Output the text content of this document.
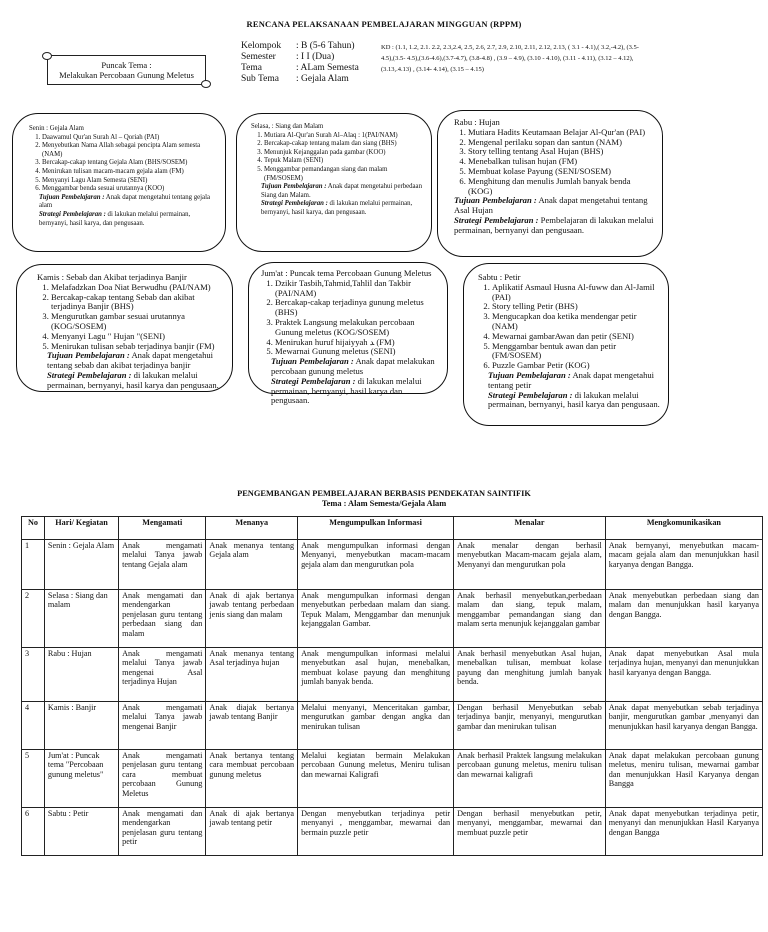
RENCANA PELAKSANAAN PEMBELAJARAN MINGGUAN (RPPM)
Kelompok	: B (5-6 Tahun)
Semester	: I I (Dua)
Tema	: ALam Semesta
Sub Tema	: Gejala Alam
KD : (1.1, 1.2, 2.1. 2.2, 2.3,2.4, 2.5, 2.6, 2.7, 2.9, 2.10, 2.11, 2.12, 2.13, ( 3.1 - 4.1),( 3.2,-4.2), (3.5-4.5),(3.5- 4.5),(3.6-4.6),(3.7-4.7), (3.8-4.8) , (3.9 – 4.9), (3.10 - 4.10), (3.11 - 4.11), (3.12 – 4.12), (3.13,.4.13) , (3.14- 4.14), (3.15 – 4.15)
Puncak Tema :
Melakukan Percobaan Gunung Meletus
Senin : Gejala Alam
1. Daawamul Qur'an Surah Al – Qoriah (PAI)
2. Menyebutkan Nama Allah sebagai pencipta Alam semesta (NAM)
3. Bercakap-cakap tentang Gejala Alam (BHS/SOSEM)
4. Menirukan tulisan macam-macam gejala alam (FM)
5. Menyanyi Lagu Alam Semesta (SENI)
6. Menggambar benda sesuai urutannya (KOO)
Tujuan Pembelajaran : Anak dapat mengetahui tentang gejala alam
Strategi Pembelajaran : di lakukan melalui permainan, bernyanyi, hasil karya, dan pengusaan.
Selasa, : Siang dan Malam
1. Mutiara Al-Qur'an Surah Al–Alaq : 1(PAI/NAM)
2. Bercakap-cakap tentang malam dan siang (BHS)
3. Menunjuk Kejanggalan pada gambar (KOO)
4. Tepuk Malam (SENI)
5. Menggambar pemandangan siang dan malam (FM/SOSEM)
Tujuan Pembelajaran : Anak dapat mengetahui perbedaan Siang dan Malam.
Strategi Pembelajaran : di lakukan melalui permainan, bernyanyi, hasil karya, dan pengusaan.
Rabu : Hujan
1. Mutiara Hadits Keutamaan Belajar Al-Qur'an (PAI)
2. Mengenal perilaku sopan dan santun (NAM)
3. Story telling tentang Asal Hujan (BHS)
4. Menebalkan tulisan hujan (FM)
5. Membuat kolase Payung (SENI/SOSEM)
6. Menghitung dan menulis Jumlah banyak benda (KOG)
Tujuan Pembelajaran : Anak dapat mengetahui tentang Asal Hujan
Strategi Pembelajaran : Pembelajaran di lakukan melalui permainan, bernyanyi dan pengusaan.
Kamis : Sebab dan Akibat terjadinya Banjir
1. Melafadzkan Doa Niat Berwudhu (PAI/NAM)
2. Bercakap-cakap tentang Sebab dan akibat terjadinya Banjir (BHS)
3. Mengurutkan gambar sesuai urutannya (KOG/SOSEM)
4. Menyanyi Lagu " Hujan "(SENI)
5. Menirukan tulisan sebab terjadinya banjir (FM)
Tujuan Pembelajaran : Anak dapat mengetahui tentang sebab dan akibat terjadinya banjir
Strategi Pembelajaran : di lakukan melalui permainan, bernyanyi, hasil karya dan pengusaan.
Jum'at : Puncak tema Percobaan Gunung Meletus
1. Dzikir Tasbih,Tahmid,Tahlil dan Takbir (PAI/NAM)
2. Bercakap-cakap terjadinya gunung meletus (BHS)
3. Praktek Langsung melakukan percobaan Gunung meletus (KOG/SOSEM)
4. Menirukan huruf hijaiyyah ﺪ (FM)
5. Mewarnai Gunung meletus (SENI)
Tujuan Pembelajaran : Anak dapat melakukan percobaan gunung meletus
Strategi Pembelajaran : di lakukan melalui permainan, bernyanyi, hasil karya dan pengusaan.
Sabtu : Petir
1. Aplikatif Asmaul Husna Al-fuww dan Al-Jamil (PAI)
2. Story telling Petir (BHS)
3. Mengucapkan doa ketika mendengar petir (NAM)
4. Mewarnai gambarAwan dan petir (SENI)
5. Menggambar bentuk awan dan petir (FM/SOSEM)
6. Puzzle Gambar Petir (KOG)
Tujuan Pembelajaran : Anak dapat mengetahui tentang petir
Strategi Pembelajaran : di lakukan melalui permainan, bernyanyi, hasil karya dan pengusaan.
PENGEMBANGAN PEMBELAJARAN BERBASIS PENDEKATAN SAINTIFIK
Tema : Alam Semesta/Gejala Alam
No	Hari/ Kegiatan	Mengamati	Menanya	Mengumpulkan Informasi	Menalar	Mengkomunikasikan
1	Senin : Gejala Alam	Anak mengamati melalui Tanya jawab tentang Gejala alam	Anak menanya tentang Gejala alam	Anak mengumpulkan informasi dengan Menyanyi, menyebutkan macam-macam gejala alam dan mengurutkan pola	Anak menalar dengan berhasil menyebutkan Macam-macam gejala alam, Menyanyi dan mengurutkan pola	Anak bernyanyi, menyebutkan macam-macam gejala alam dan menunjukkan hasil karyanya dengan Bangga.
2	Selasa : Siang dan malam	Anak mengamati dan mendengarkan penjelasan guru tentang perbedaan siang dan malam	Anak di ajak bertanya jawab tentang perbedaan jenis siang dan malam	Anak mengumpulkan informasi dengan menyebutkan perbedaan malam dan siang. Tepuk Malam, Menggambar dan menunjuk kejanggalan Gambar.	Anak berhasil menyebutkan,perbedaan malam dan siang, tepuk malam, menggambar pemandangan siang dan malam serta menunjuk kejanggalan gambar	Anak menyebutkan perbedaan siang dan malam dan menunjukkan hasil karyanya dengan Bangga.
3	Rabu : Hujan	Anak mengamati melalui Tanya jawab mengenai Asal terjadinya Hujan	Anak menanya tentang Asal terjadinya hujan	Anak mengumpulkan informasi melalui menyebutkan asal hujan, menebalkan, membuat kolase payung dan menghitung jumlah banyak benda.	Anak berhasil menyebutkan Asal hujan, menebalkan tulisan, membuat kolase payung dan menghitung jumlah banyak benda.	Anak dapat menyebutkan Asal mula terjadinya hujan, menyanyi dan menunjukkan hasil karyanya dengan Bangga.
4	Kamis : Banjir	Anak mengamati melalui Tanya jawab mengenai Banjir	Anak diajak bertanya jawab tentang Banjir	Melalui menyanyi, Menceritakan gambar, mengurutkan gambar dengan angka dan menirukan tulisan	Dengan berhasil Menyebutkan sebab terjadinya banjir, menyanyi, mengurutkan gambar dan menirukan tulisan	Anak dapat menyebutkan sebab terjadinya banjir, mengurutkan gambar ,menyanyi dan menunjukkan hasil karyanya dengan Bangga.
5	Jum'at : Puncak tema "Percobaan gunung meletus"	Anak mengamati penjelasan guru tentang cara membuat percobaan Gunung Meletus	Anak bertanya tentang cara membuat percobaan gunung meletus	Melalui kegiatan bermain Melakukan percobaan Gunung meletus, Meniru tulisan dan mewarnai Kaligrafi	Anak berhasil Praktek langsung melakukan percobaan gunung meletus, meniru tulisan dan mewarnai kaligrafi	Anak dapat melakukan percobaan gunung meletus, meniru tulisan, mewarnai gambar dan menunjukkan Hasil Karyanya dengan Bangga
6	Sabtu : Petir	Anak mengamati dan mendengarkan penjelasan guru tentang petir	Anak di ajak bertanya jawab tentang petir	Dengan menyebutkan terjadinya petir menyanyi , menggambar, mewarnai dan bermain puzzle petir	Dengan berhasil menyebutkan petir, menyanyi, menggambar, mewarnai dan membuat puzzle petir	Anak dapat menyebutkan terjadinya petir, menyanyi dan menunjukkan Hasil Karyanya dengan Bangga
